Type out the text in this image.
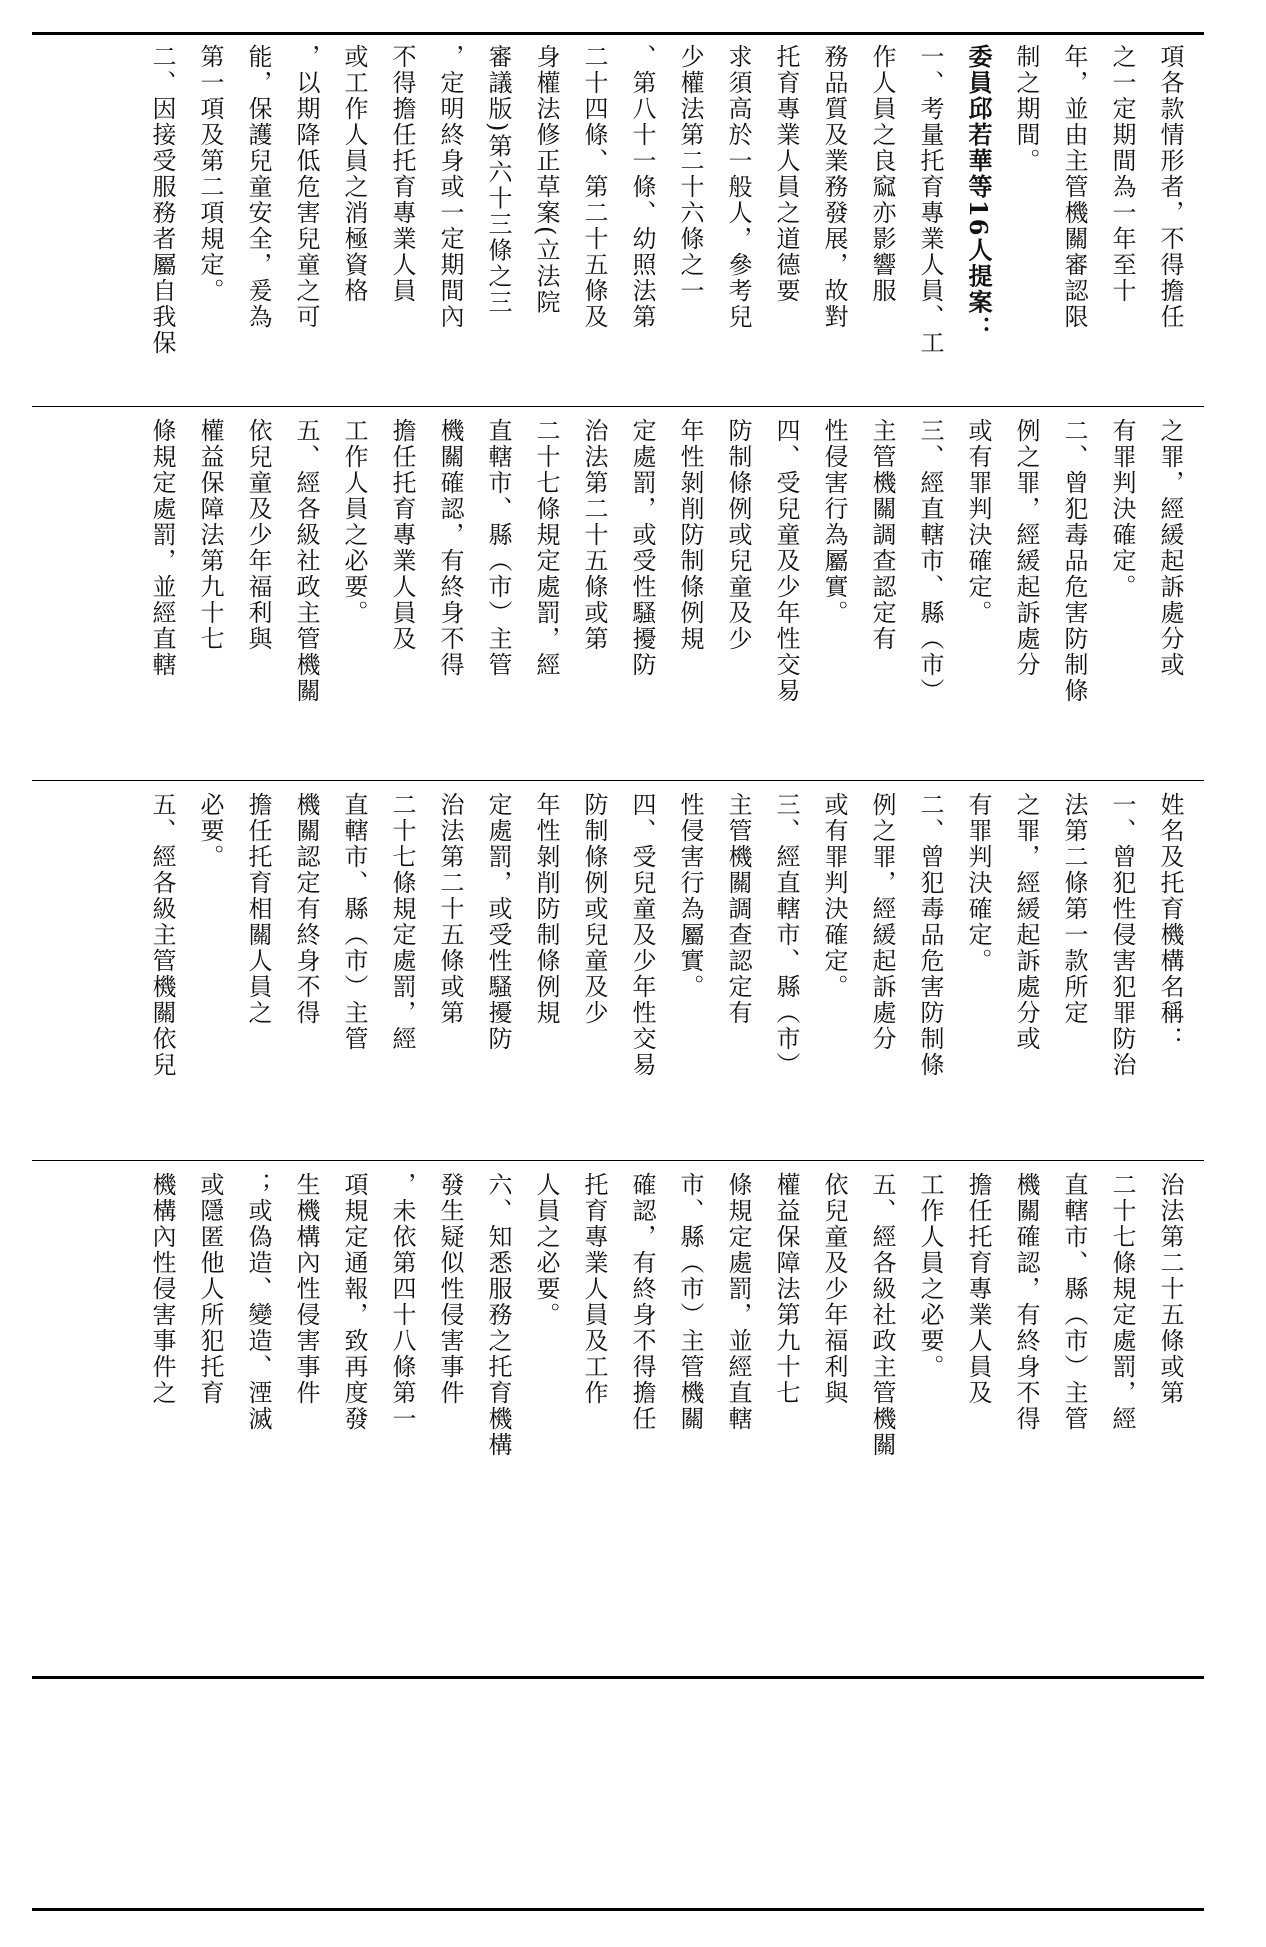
項各款情形者，不得擔任
之一定期間為一年至十
年，並由主管機關審認限
制之期間。
委員邱若華等16人提案：
一、考量托育專業人員、工
作人員之良窳亦影響服
務品質及業務發展，故對
托育專業人員之道德要
求須高於一般人，參考兒
少權法第二十六條之一
、第八十一條、幼照法第
二十四條、第二十五條及
身權法修正草案(立法院
審議版)第六十三條之三
，定明終身或一定期間內
不得擔任托育專業人員
或工作人員之消極資格
，以期降低危害兒童之可
能，保護兒童安全，爰為
第一項及第二項規定。
二、因接受服務者屬自我保
之罪，經緩起訴處分或
有罪判決確定。
二、曾犯毒品危害防制條
例之罪，經緩起訴處分
或有罪判決確定。
三、經直轄市、縣（市）
主管機關調查認定有
性侵害行為屬實。
四、受兒童及少年性交易
防制條例或兒童及少
年性剝削防制條例規
定處罰，或受性騷擾防
治法第二十五條或第
二十七條規定處罰，經
直轄市、縣（市）主管
機關確認，有終身不得
擔任托育專業人員及
工作人員之必要。
五、經各級社政主管機關
依兒童及少年福利與
權益保障法第九十七
條規定處罰，並經直轄
姓名及托育機構名稱：
一、曾犯性侵害犯罪防治
法第二條第一款所定
之罪，經緩起訴處分或
有罪判決確定。
二、曾犯毒品危害防制條
例之罪，經緩起訴處分
或有罪判決確定。
三、經直轄市、縣（市）
主管機關調查認定有
性侵害行為屬實。
四、受兒童及少年性交易
防制條例或兒童及少
年性剝削防制條例規
定處罰，或受性騷擾防
治法第二十五條或第
二十七條規定處罰，經
直轄市、縣（市）主管
機關認定有終身不得
擔任托育相關人員之
必要。
五、經各級主管機關依兒
治法第二十五條或第
二十七條規定處罰，經
直轄市、縣（市）主管
機關確認，有終身不得
擔任托育專業人員及
工作人員之必要。
五、經各級社政主管機關
依兒童及少年福利與
權益保障法第九十七
條規定處罰，並經直轄
市、縣（市）主管機關
確認，有終身不得擔任
托育專業人員及工作
人員之必要。
六、知悉服務之托育機構
發生疑似性侵害事件
，未依第四十八條第一
項規定通報，致再度發
生機構內性侵害事件
；或偽造、變造、湮滅
或隱匿他人所犯托育
機構內性侵害事件之
